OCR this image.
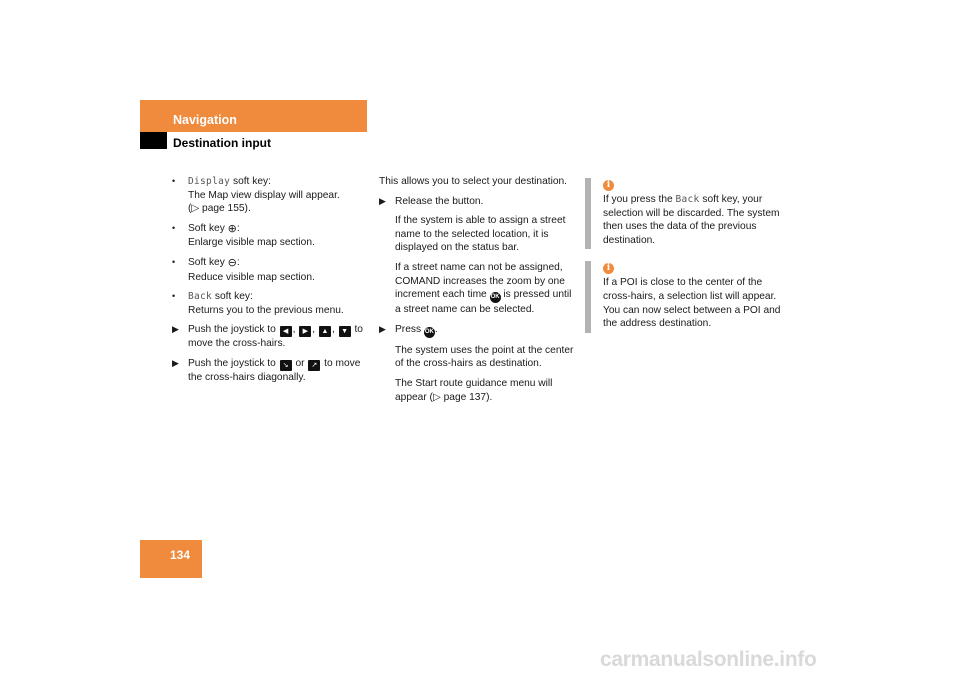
Navigation
Destination input
• Display soft key:
The Map view display will appear.
(▷ page 155).
• Soft key ⊕:
Enlarge visible map section.
• Soft key ⊖:
Reduce visible map section.
• Back soft key:
Returns you to the previous menu.
▶ Push the joystick to ◀ , ▶ , ▲ , ▼ to move the cross-hairs.
▶ Push the joystick to ↘ or ↗ to move the cross-hairs diagonally.

This allows you to select your destination.

▶ Release the button.

If the system is able to assign a street name to the selected location, it is displayed on the status bar.

If a street name can not be assigned, COMAND increases the zoom by one increment each time OK is pressed until a street name can be selected.

▶ Press OK.

The system uses the point at the center of the cross-hairs as destination.

The Start route guidance menu will appear (▷ page 137).

i
If you press the Back soft key, your selection will be discarded. The system then uses the data of the previous destination.
i
If a POI is close to the center of the cross-hairs, a selection list will appear. You can now select between a POI and the address destination.
134
carmanualsonline.info
